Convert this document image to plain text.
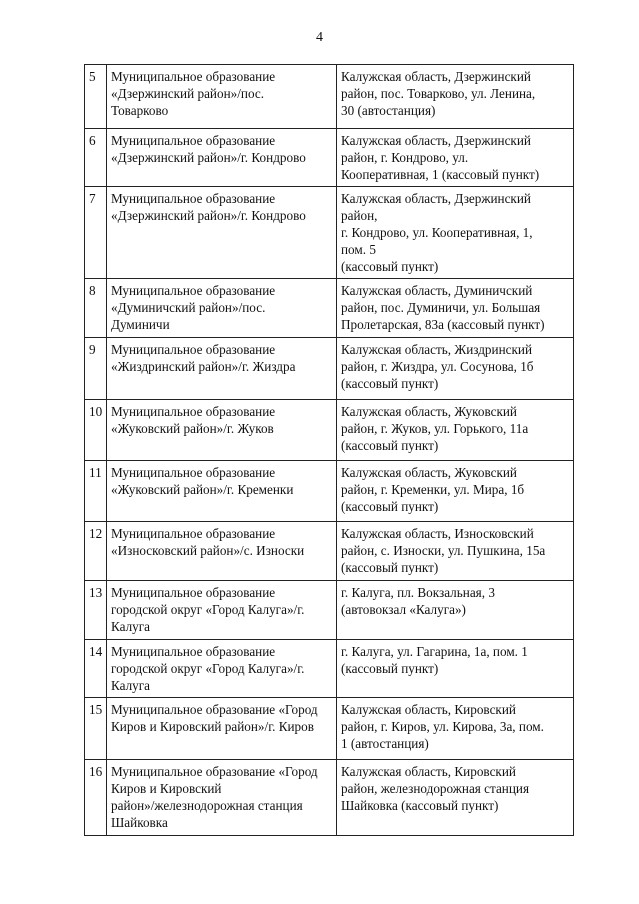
4
5	Муниципальное образование
«Дзержинский район»/пос.
Товарково	Калужская область, Дзержинский
район, пос. Товарково, ул. Ленина,
30 (автостанция)
6	Муниципальное образование
«Дзержинский район»/г. Кондрово	Калужская область, Дзержинский
район, г. Кондрово, ул.
Кооперативная, 1 (кассовый пункт)
7	Муниципальное образование
«Дзержинский район»/г. Кондрово	Калужская область, Дзержинский
район,
г. Кондрово, ул. Кооперативная, 1,
пом. 5
(кассовый пункт)
8	Муниципальное образование
«Думиничский район»/пос.
Думиничи	Калужская область, Думиничский
район, пос. Думиничи, ул. Большая
Пролетарская, 83а (кассовый пункт)
9	Муниципальное образование
«Жиздринский район»/г. Жиздра	Калужская область, Жиздринский
район, г. Жиздра, ул. Сосунова, 1б
(кассовый пункт)
10	Муниципальное образование
«Жуковский район»/г. Жуков	Калужская область, Жуковский
район, г. Жуков, ул. Горького, 11а
(кассовый пункт)
11	Муниципальное образование
«Жуковский район»/г. Кременки	Калужская область, Жуковский
район, г. Кременки, ул. Мира, 1б
(кассовый пункт)
12	Муниципальное образование
«Износковский район»/с. Износки	Калужская область, Износковский
район, с. Износки, ул. Пушкина, 15а
(кассовый пункт)
13	Муниципальное образование
городской округ «Город Калуга»/г.
Калуга	г. Калуга, пл. Вокзальная, 3
(автовокзал «Калуга»)
14	Муниципальное образование
городской округ «Город Калуга»/г.
Калуга	г. Калуга, ул. Гагарина, 1а, пом. 1
(кассовый пункт)
15	Муниципальное образование «Город
Киров и Кировский район»/г. Киров	Калужская область, Кировский
район, г. Киров, ул. Кирова, 3а, пом.
1 (автостанция)
16	Муниципальное образование «Город
Киров и Кировский
район»/железнодорожная станция
Шайковка	Калужская область, Кировский
район, железнодорожная станция
Шайковка (кассовый пункт)
